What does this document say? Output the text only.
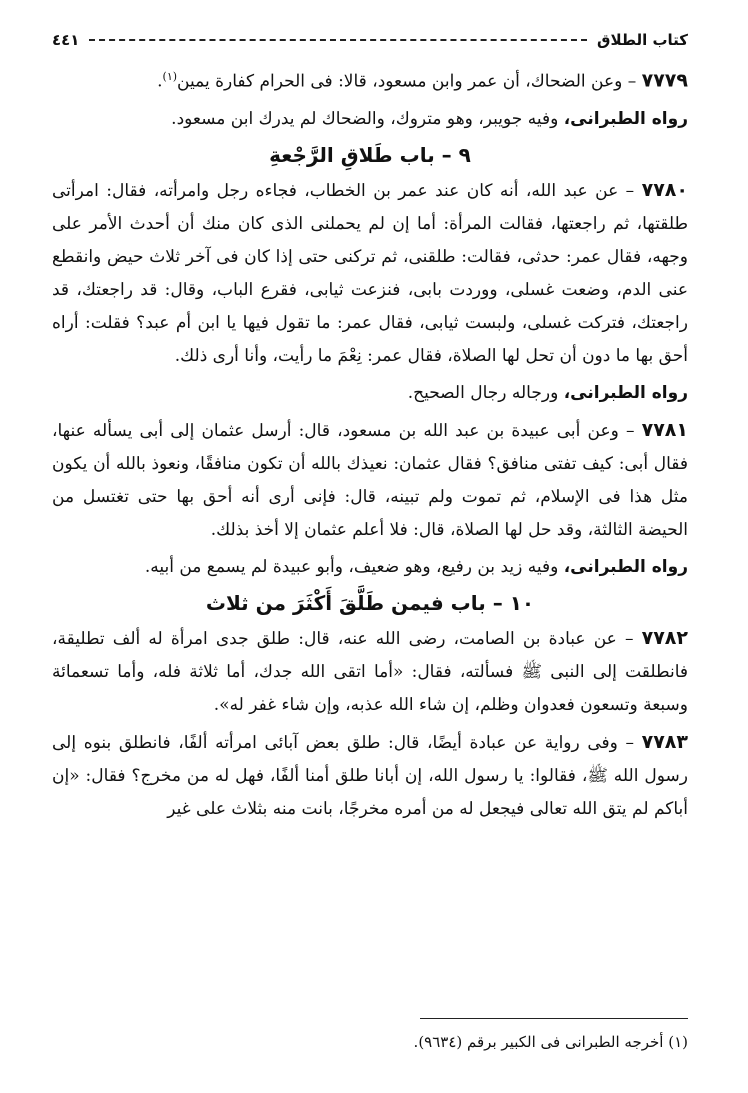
كتاب الطلاق
٤٤١

٧٧٧٩ – وعن الضحاك، أن عمر وابن مسعود، قالا: فى الحرام كفارة يمين$^{(١)}$.

رواه الطبرانى، وفيه جويبر، وهو متروك، والضحاك لم يدرك ابن مسعود.

٩ – باب طَلاقِ الرَّجْعةِ

٧٧٨٠ – عن عبد الله، أنه كان عند عمر بن الخطاب، فجاءه رجل وامرأته، فقال: امرأتى طلقتها، ثم راجعتها، فقالت المرأة: أما إن لم يحملنى الذى كان منك أن أحدث الأمر على وجهه، فقال عمر: حدثى، فقالت: طلقنى، ثم تركنى حتى إذا كان فى آخر ثلاث حيض وانقطع عنى الدم، وضعت غسلى، ووردت بابى، فنزعت ثيابى، فقرع الباب، وقال: قد راجعتك، قد راجعتك، فتركت غسلى، ولبست ثيابى، فقال عمر: ما تقول فيها يا ابن أم عبد؟ فقلت: أراه أحق بها ما دون أن تحل لها الصلاة، فقال عمر: نِعْمَ ما رأيت، وأنا أرى ذلك.

رواه الطبرانى، ورجاله رجال الصحيح.

٧٧٨١ – وعن أبى عبيدة بن عبد الله بن مسعود، قال: أرسل عثمان إلى أبى يسأله عنها، فقال أبى: كيف تفتى منافق؟ فقال عثمان: نعيذك بالله أن تكون منافقًا، ونعوذ بالله أن يكون مثل هذا فى الإسلام، ثم تموت ولم تبينه، قال: فإنى أرى أنه أحق بها حتى تغتسل من الحيضة الثالثة، وقد حل لها الصلاة، قال: فلا أعلم عثمان إلا أخذ بذلك.

رواه الطبرانى، وفيه زيد بن رفيع، وهو ضعيف، وأبو عبيدة لم يسمع من أبيه.

١٠ – باب فيمن طَلَّقَ أَكْثَرَ من ثلاث

٧٧٨٢ – عن عبادة بن الصامت، رضى الله عنه، قال: طلق جدى امرأة له ألف تطليقة، فانطلقت إلى النبى ﷺ فسألته، فقال: «أما اتقى الله جدك، أما ثلاثة فله، وأما تسعمائة وسبعة وتسعون فعدوان وظلم، إن شاء الله عذبه، وإن شاء غفر له».

٧٧٨٣ – وفى رواية عن عبادة أيضًا، قال: طلق بعض آبائى امرأته ألفًا، فانطلق بنوه إلى رسول الله ﷺ، فقالوا: يا رسول الله، إن أبانا طلق أمنا ألفًا، فهل له من مخرج؟ فقال: «إن أباكم لم يتق الله تعالى فيجعل له من أمره مخرجًا، بانت منه بثلاث على غير

(١) أخرجه الطبرانى فى الكبير برقم (٩٦٣٤).
